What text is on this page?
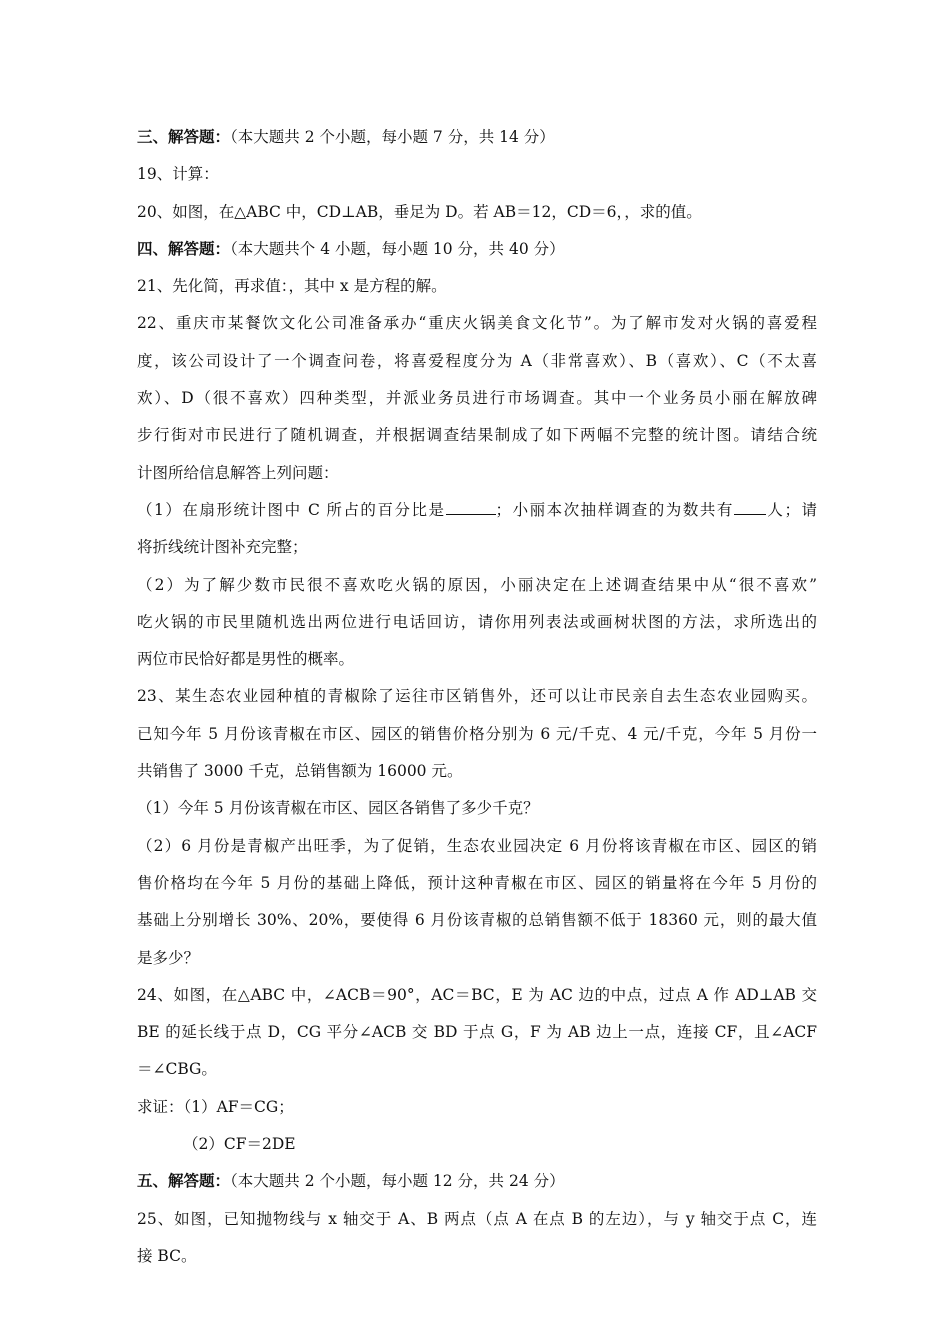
三、解答题：（本大题共 2 个小题，每小题 7 分，共 14 分）
19、计算：
20、如图，在△ABC 中，CD⊥AB，垂足为 D。若 AB＝12，CD＝6，，求的值。
四、解答题：（本大题共个 4 小题，每小题 10 分，共 40 分）
21、先化简，再求值：，其中 x 是方程的解。
22、重庆市某餐饮文化公司准备承办“重庆火锅美食文化节”。为了解市发对火锅的喜爱程
度，该公司设计了一个调查问卷，将喜爱程度分为 A（非常喜欢）、B（喜欢）、C（不太喜
欢）、D（很不喜欢）四种类型，并派业务员进行市场调查。其中一个业务员小丽在解放碑
步行街对市民进行了随机调查，并根据调查结果制成了如下两幅不完整的统计图。请结合统
计图所给信息解答上列问题：
（1）在扇形统计图中 C 所占的百分比是	；小丽本次抽样调查的为数共有 人；请
将折线统计图补充完整；
（2）为了解少数市民很不喜欢吃火锅的原因，小丽决定在上述调查结果中从“很不喜欢”
吃火锅的市民里随机选出两位进行电话回访，请你用列表法或画树状图的方法，求所选出的
两位市民恰好都是男性的概率。
23、某生态农业园种植的青椒除了运往市区销售外，还可以让市民亲自去生态农业园购买。
已知今年 5 月份该青椒在市区、园区的销售价格分别为 6 元/千克、4 元/千克，今年 5 月份一
共销售了 3000 千克，总销售额为 16000 元。
（1）今年 5 月份该青椒在市区、园区各销售了多少千克？
（2）6 月份是青椒产出旺季，为了促销，生态农业园决定 6 月份将该青椒在市区、园区的销
售价格均在今年 5 月份的基础上降低，预计这种青椒在市区、园区的销量将在今年 5 月份的
基础上分别增长 30%、20%，要使得 6 月份该青椒的总销售额不低于 18360 元，则的最大值
是多少？
24、如图，在△ABC 中，∠ACB＝90°，AC＝BC，E 为 AC 边的中点，过点 A 作 AD⊥AB 交
BE 的延长线于点 D，CG 平分∠ACB 交 BD 于点 G，F 为 AB 边上一点，连接 CF，且∠ACF
＝∠CBG。
求证：（1）AF＝CG；
（2）CF＝2DE
五、解答题：（本大题共 2 个小题，每小题 12 分，共 24 分）
25、如图，已知抛物线与 x 轴交于 A、B 两点（点 A 在点 B 的左边），与 y 轴交于点 C，连
接 BC。
